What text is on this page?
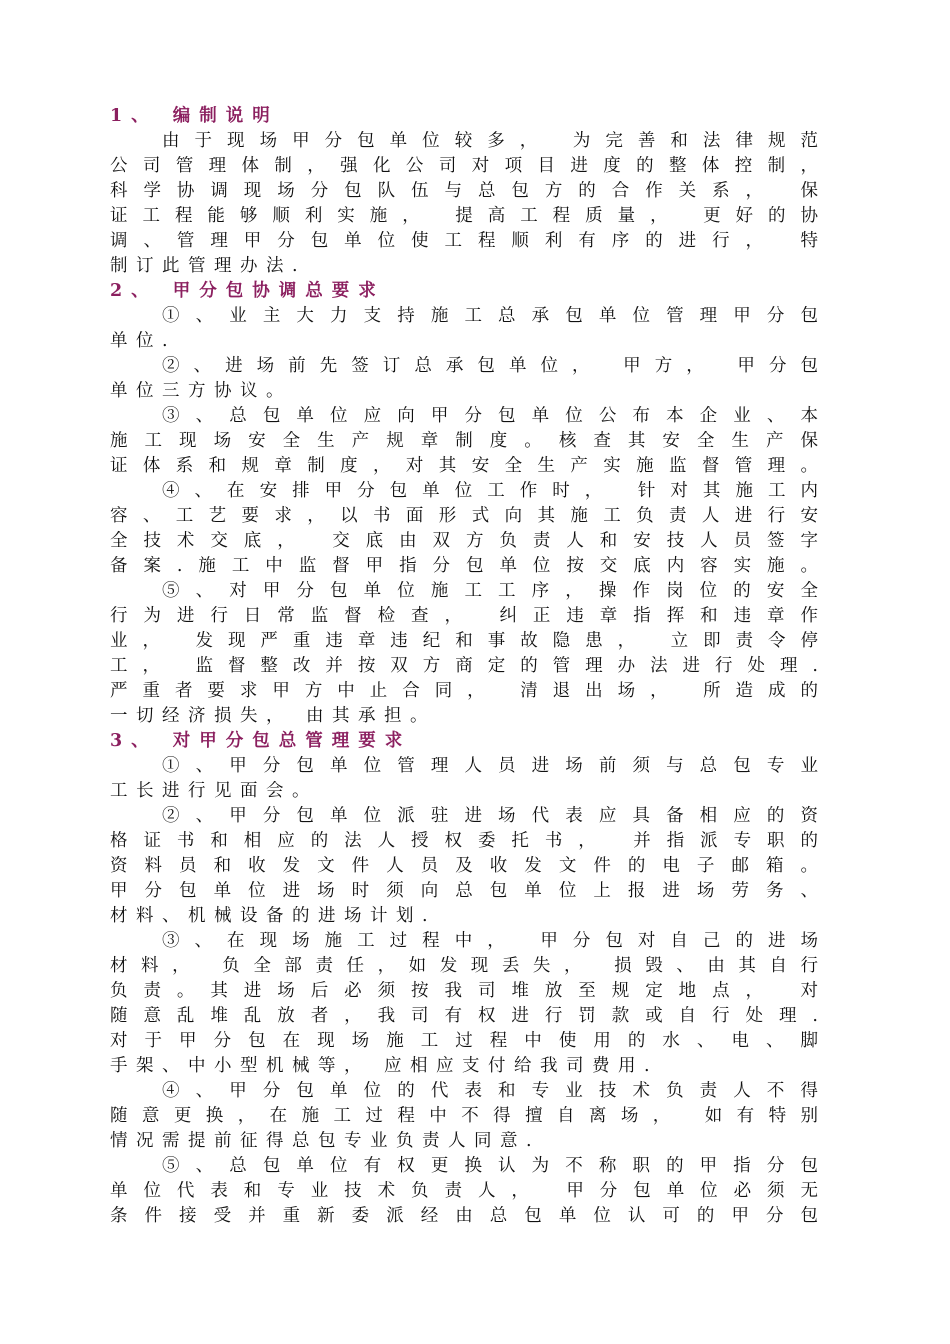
1、 编制说明
由于现场甲分包单位较多， 为完善和法律规范
公司管理体制，强化公司对项目进度的整体控制，
科学协调现场分包队伍与总包方的合作关系， 保
证工程能够顺利实施， 提高工程质量， 更好的协
调、管理甲分包单位使工程顺利有序的进行， 特
制订此管理办法.
2、 甲分包协调总要求
①、业主大力支持施工总承包单位管理甲分包
单位.
②、进场前先签订总承包单位， 甲方， 甲分包
单位三方协议。
③、总包单位应向甲分包单位公布本企业、本
施工现场安全生产规章制度。核查其安全生产保
证体系和规章制度，对其安全生产实施监督管理。
④、在安排甲分包单位工作时， 针对其施工内
容、工艺要求，以书面形式向其施工负责人进行安
全技术交底， 交底由双方负责人和安技人员签字
备案.施工中监督甲指分包单位按交底内容实施。
⑤、对甲分包单位施工工序，操作岗位的安全
行为进行日常监督检查， 纠正违章指挥和违章作
业， 发现严重违章违纪和事故隐患， 立即责令停
工， 监督整改并按双方商定的管理办法进行处理.
严重者要求甲方中止合同， 清退出场， 所造成的
一切经济损失， 由其承担。
3、 对甲分包总管理要求
①、甲分包单位管理人员进场前须与总包专业
工长进行见面会。
②、甲分包单位派驻进场代表应具备相应的资
格证书和相应的法人授权委托书， 并指派专职的
资料员和收发文件人员及收发文件的电子邮箱。
甲分包单位进场时须向总包单位上报进场劳务、
材料、机械设备的进场计划.
③、在现场施工过程中， 甲分包对自己的进场
材料， 负全部责任，如发现丢失， 损毁、由其自行
负责。其进场后必须按我司堆放至规定地点， 对
随意乱堆乱放者，我司有权进行罚款或自行处理.
对于甲分包在现场施工过程中使用的水、电、脚
手架、中小型机械等， 应相应支付给我司费用.
④、甲分包单位的代表和专业技术负责人不得
随意更换，在施工过程中不得擅自离场， 如有特别
情况需提前征得总包专业负责人同意.
⑤、总包单位有权更换认为不称职的甲指分包
单位代表和专业技术负责人， 甲分包单位必须无
条件接受并重新委派经由总包单位认可的甲分包
